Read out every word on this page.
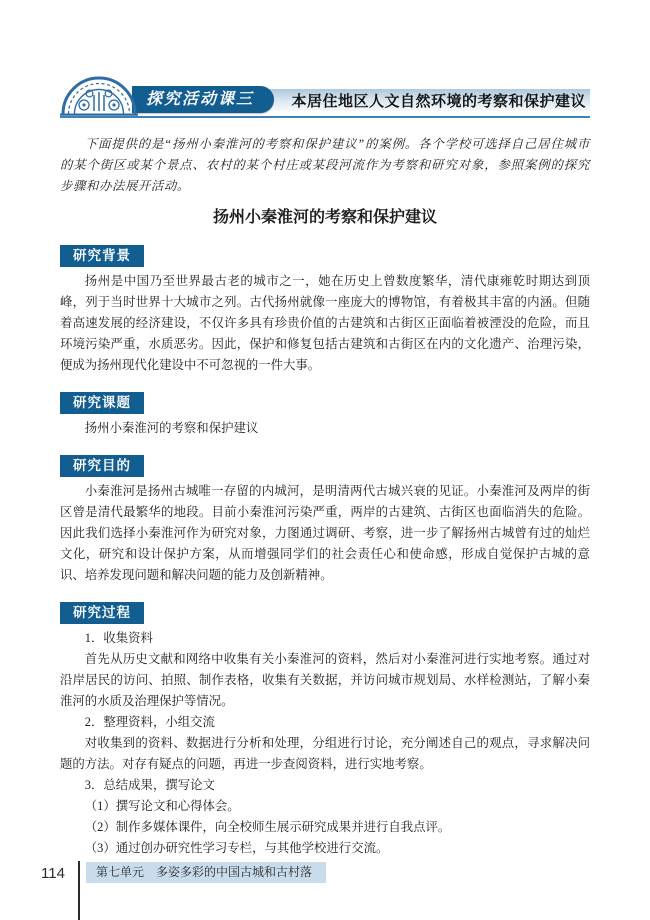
本居住地区人文自然环境的考察和保护建议
探究活动课三

下面提供的是“扬州小秦淮河的考察和保护建议”的案例。各个学校可选择自己居住城市的某个街区或某个景点、农村的某个村庄或某段河流作为考察和研究对象，参照案例的探究步骤和办法展开活动。

扬州小秦淮河的考察和保护建议
研究背景

扬州是中国乃至世界最古老的城市之一，她在历史上曾数度繁华，清代康雍乾时期达到顶峰，列于当时世界十大城市之列。古代扬州就像一座庞大的博物馆，有着极其丰富的内涵。但随着高速发展的经济建设，不仅许多具有珍贵价值的古建筑和古街区正面临着被湮没的危险，而且环境污染严重，水质恶劣。因此，保护和修复包括古建筑和古街区在内的文化遗产、治理污染，便成为扬州现代化建设中不可忽视的一件大事。

研究课题

扬州小秦淮河的考察和保护建议

研究目的

小秦淮河是扬州古城唯一存留的内城河，是明清两代古城兴衰的见证。小秦淮河及两岸的街区曾是清代最繁华的地段。目前小秦淮河污染严重，两岸的古建筑、古街区也面临消失的危险。因此我们选择小秦淮河作为研究对象，力图通过调研、考察，进一步了解扬州古城曾有过的灿烂文化，研究和设计保护方案，从而增强同学们的社会责任心和使命感，形成自觉保护古城的意识、培养发现问题和解决问题的能力及创新精神。

研究过程

1．收集资料

首先从历史文献和网络中收集有关小秦淮河的资料，然后对小秦淮河进行实地考察。通过对沿岸居民的访问、拍照、制作表格，收集有关数据，并访问城市规划局、水样检测站，了解小秦淮河的水质及治理保护等情况。

2．整理资料，小组交流

对收集到的资料、数据进行分析和处理，分组进行讨论，充分阐述自己的观点，寻求解决问题的方法。对存有疑点的问题，再进一步查阅资料，进行实地考察。

3．总结成果，撰写论文

（1）撰写论文和心得体会。

（2）制作多媒体课件，向全校师生展示研究成果并进行自我点评。

（3）通过创办研究性学习专栏，与其他学校进行交流。

114	第七单元　多姿多彩的中国古城和古村落
